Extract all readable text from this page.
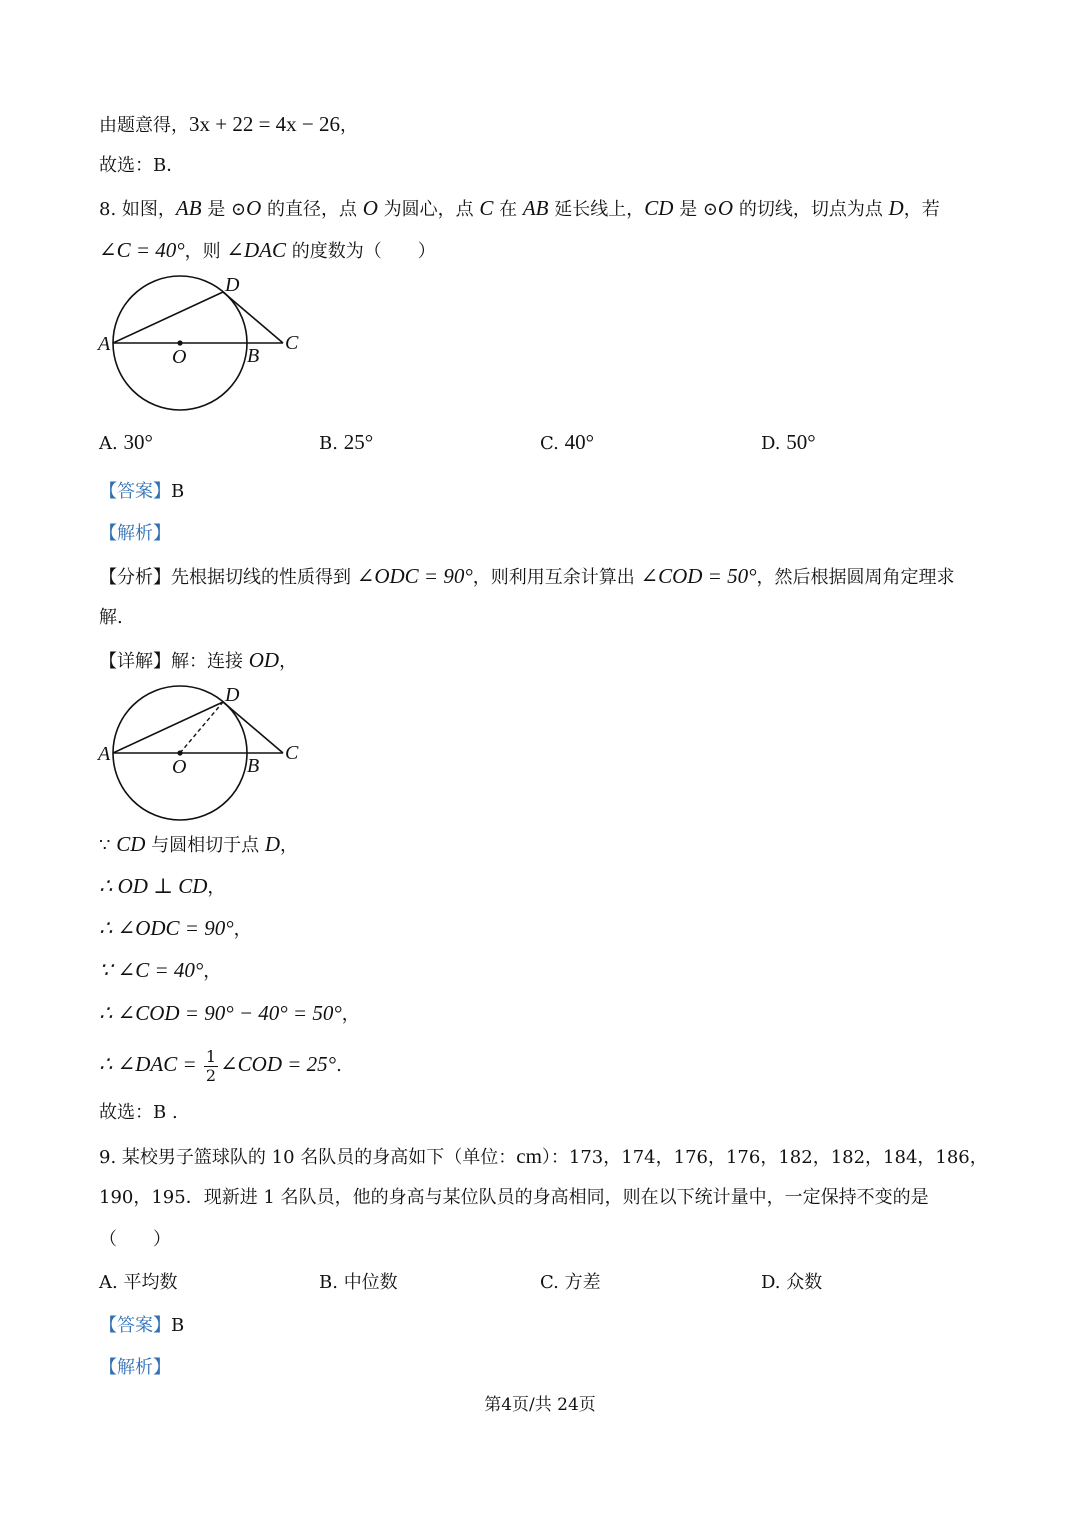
由题意得，3x + 22 = 4x − 26，
故选：B．
8. 如图，AB 是 ⊙O 的直径，点 O 为圆心，点 C 在 AB 延长线上，CD 是 ⊙O 的切线，切点为点 D，若
∠C = 40°，则 ∠DAC 的度数为（　　）
A
O	B
C
D
A. 30°	B. 25°	C. 40°	D. 50°
【答案】B
【解析】
【分析】先根据切线的性质得到 ∠ODC = 90°，则利用互余计算出 ∠COD = 50°，然后根据圆周角定理求
解.
【详解】解：连接 OD，
A
O	B
C
D
∵ CD 与圆相切于点 D，
∴ OD ⊥ CD，
∴ ∠ODC = 90°，
∵ ∠C = 40°，
∴ ∠COD = 90° − 40° = 50°，
∴ ∠DAC = $\frac{1}{2}$ ∠COD = 25°.
故选：B .
9. 某校男子篮球队的 10 名队员的身高如下（单位：cm）：173，174，176，176，182，182，184，186，
190，195．现新进 1 名队员，他的身高与某位队员的身高相同，则在以下统计量中，一定保持不变的是
（　　）
A. 平均数	B. 中位数	C. 方差	D. 众数
【答案】B
【解析】
第4页/共 24页
